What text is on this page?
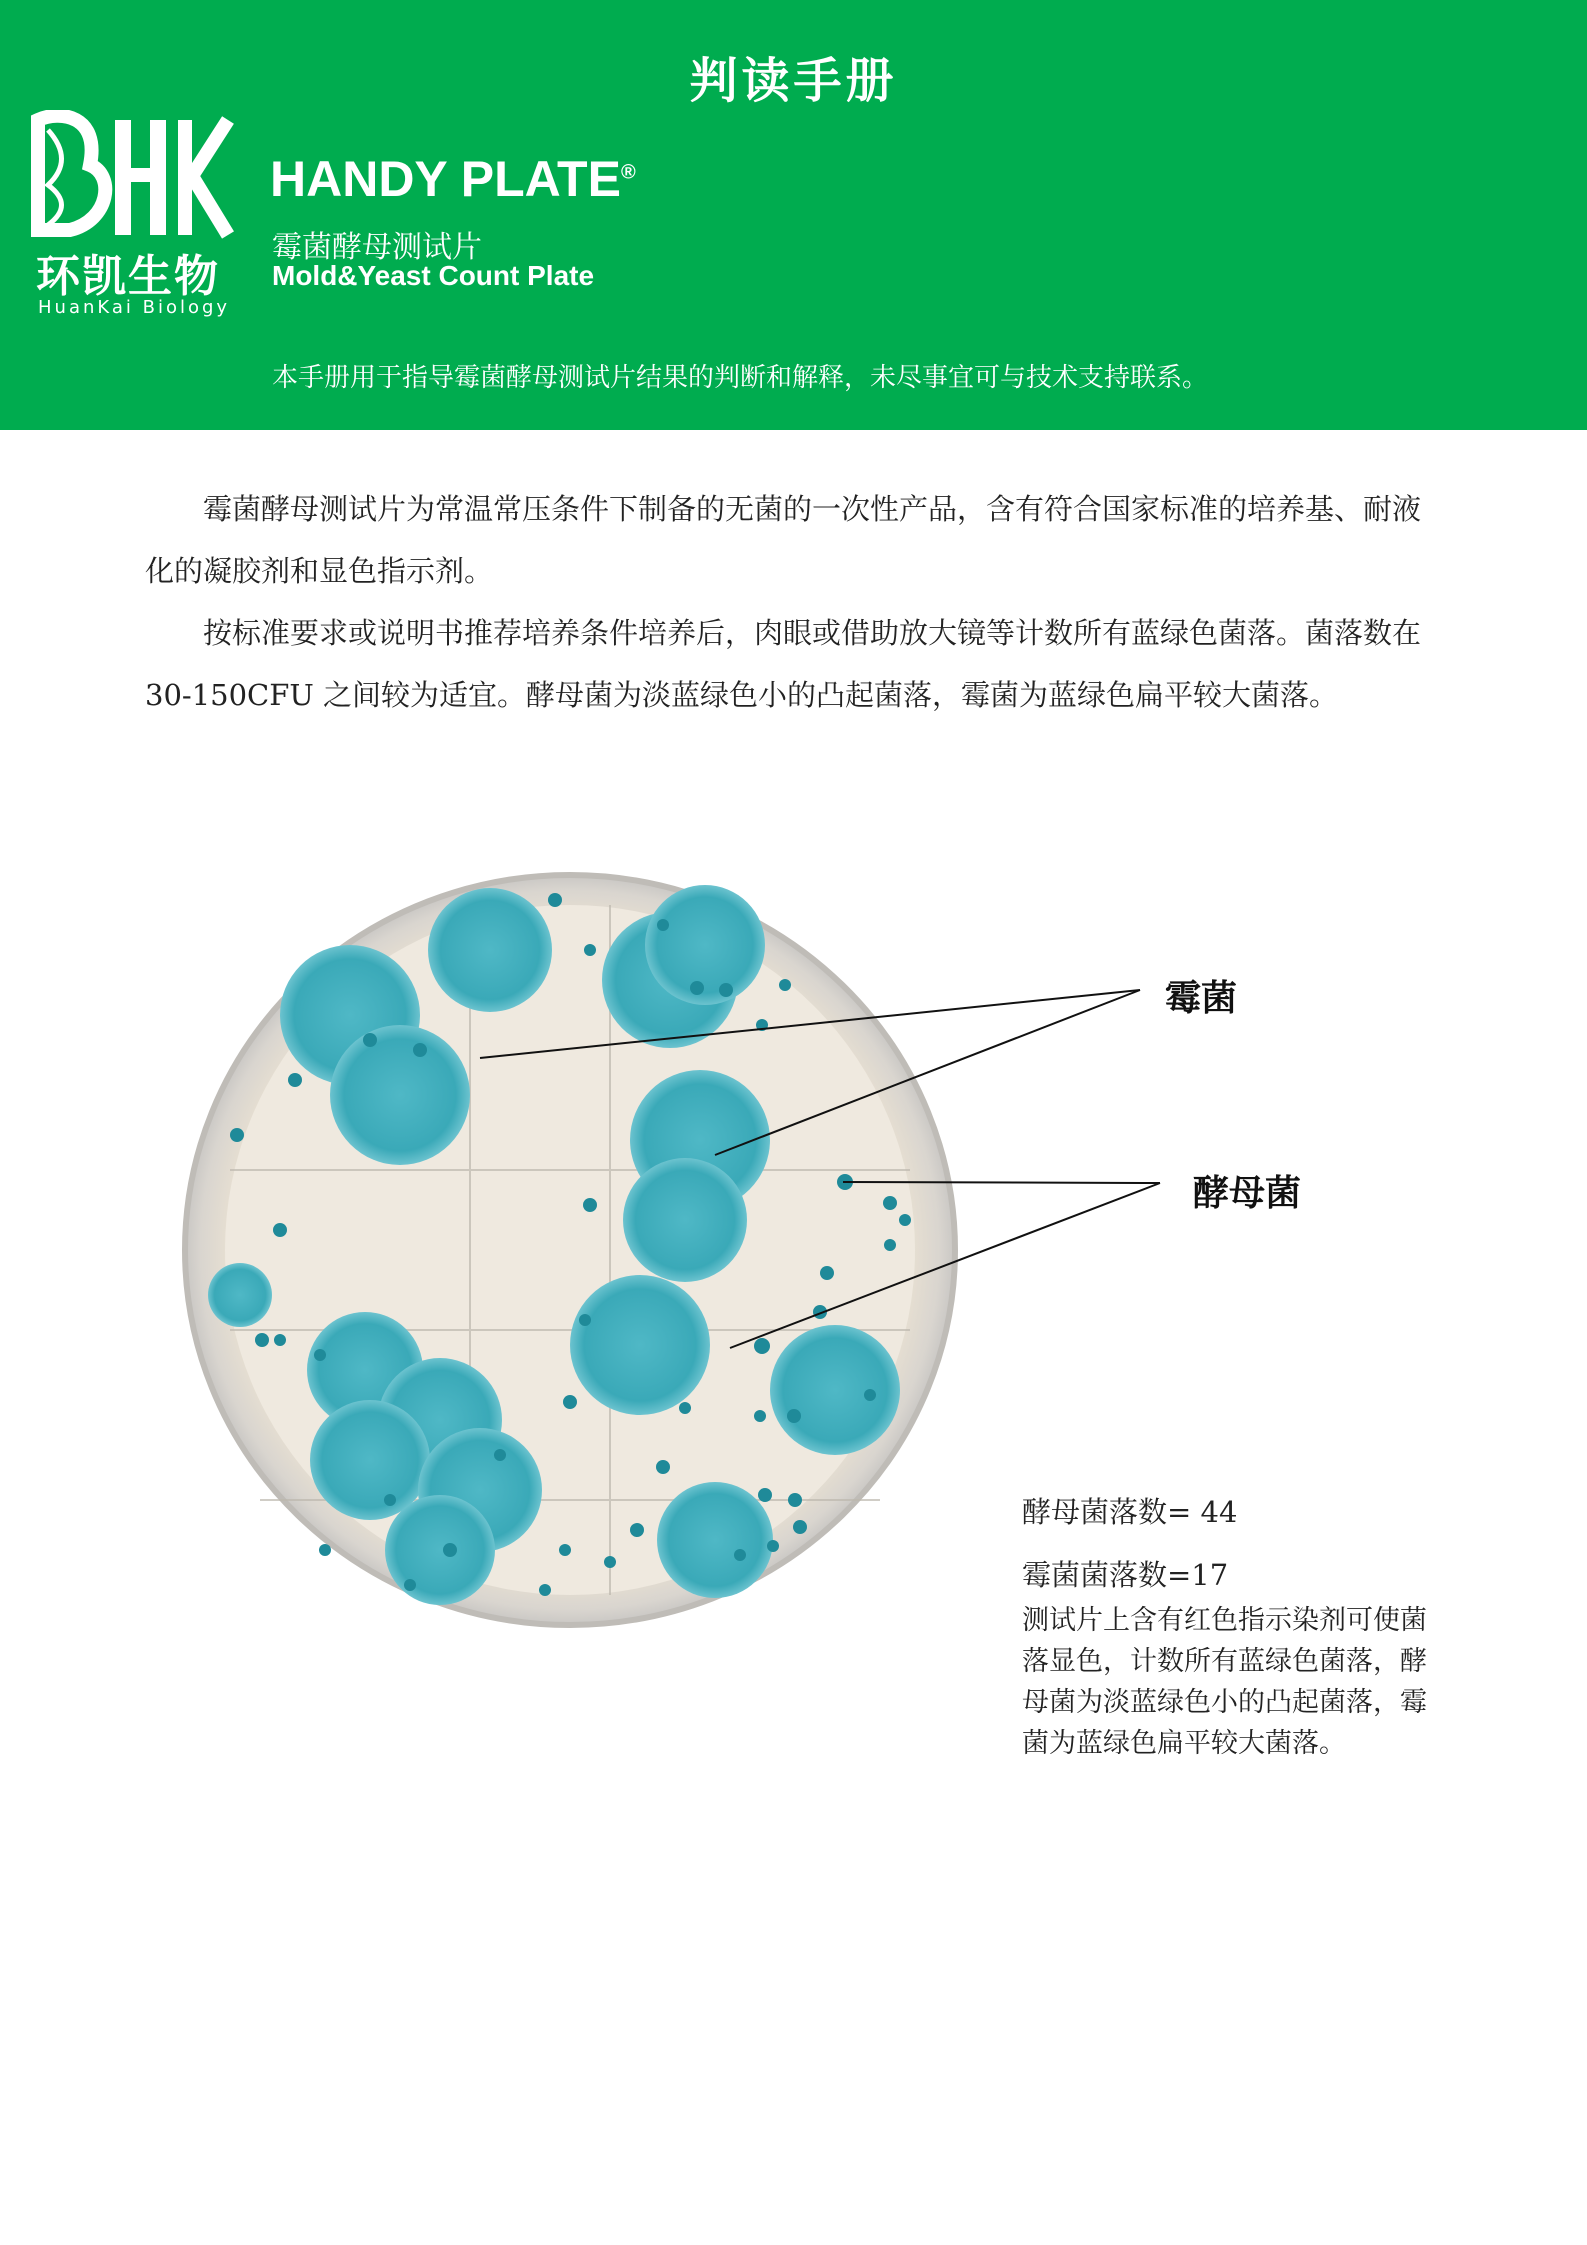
判读手册
环凯生物
HuanKai Biology
HANDY PLATE®
霉菌酵母测试片
Mold&Yeast Count Plate
本手册用于指导霉菌酵母测试片结果的判断和解释，未尽事宜可与技术支持联系。

霉菌酵母测试片为常温常压条件下制备的无菌的一次性产品，含有符合国家标准的培养基、耐液化的凝胶剂和显色指示剂。

按标准要求或说明书推荐培养条件培养后，肉眼或借助放大镜等计数所有蓝绿色菌落。菌落数在 30-150CFU 之间较为适宜。酵母菌为淡蓝绿色小的凸起菌落，霉菌为蓝绿色扁平较大菌落。

霉菌
酵母菌
酵母菌落数= 44
霉菌菌落数=17
测试片上含有红色指示染剂可使菌落显色，计数所有蓝绿色菌落，酵母菌为淡蓝绿色小的凸起菌落，霉菌为蓝绿色扁平较大菌落。
